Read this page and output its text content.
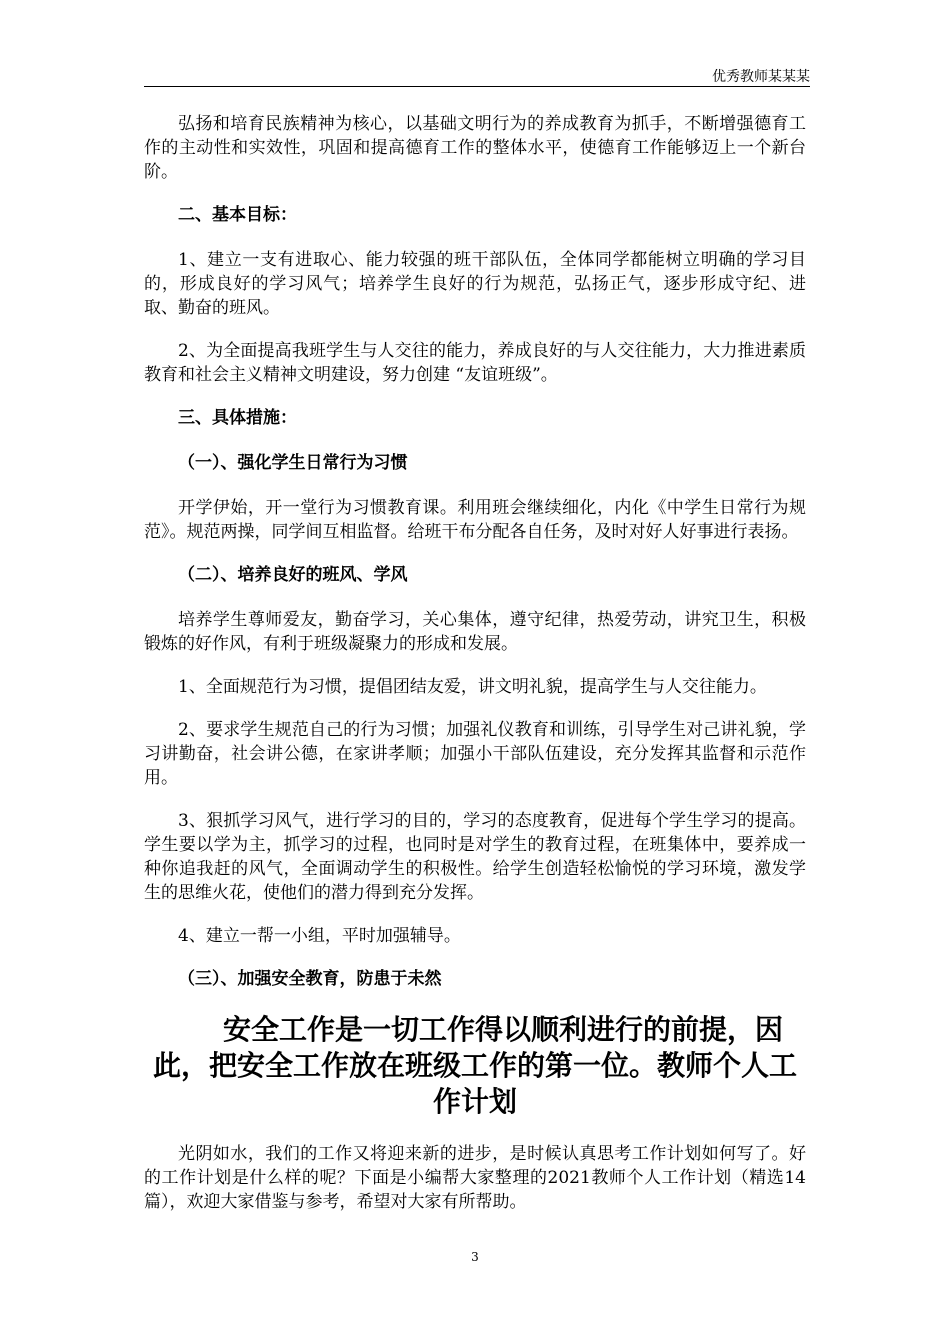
优秀教师某某某

弘扬和培育民族精神为核心，以基础文明行为的养成教育为抓手，不断增强德育工作的主动性和实效性，巩固和提高德育工作的整体水平，使德育工作能够迈上一个新台阶。

二、基本目标：

1、建立一支有进取心、能力较强的班干部队伍，全体同学都能树立明确的学习目的，形成良好的学习风气；培养学生良好的行为规范，弘扬正气，逐步形成守纪、进取、勤奋的班风。

2、为全面提高我班学生与人交往的能力，养成良好的与人交往能力，大力推进素质教育和社会主义精神文明建设，努力创建 “友谊班级”。

三、具体措施：

（一）、强化学生日常行为习惯

开学伊始，开一堂行为习惯教育课。利用班会继续细化，内化《中学生日常行为规范》。规范两操，同学间互相监督。给班干布分配各自任务，及时对好人好事进行表扬。

（二）、培养良好的班风、学风

培养学生尊师爱友，勤奋学习，关心集体，遵守纪律，热爱劳动，讲究卫生，积极锻炼的好作风，有利于班级凝聚力的形成和发展。

1、全面规范行为习惯，提倡团结友爱，讲文明礼貌，提高学生与人交往能力。

2、要求学生规范自己的行为习惯；加强礼仪教育和训练，引导学生对己讲礼貌，学习讲勤奋，社会讲公德，在家讲孝顺；加强小干部队伍建设，充分发挥其监督和示范作用。

3、狠抓学习风气，进行学习的目的，学习的态度教育，促进每个学生学习的提高。学生要以学为主，抓学习的过程，也同时是对学生的教育过程，在班集体中，要养成一种你追我赶的风气，全面调动学生的积极性。给学生创造轻松愉悦的学习环境，激发学生的思维火花，使他们的潜力得到充分发挥。

4、建立一帮一小组，平时加强辅导。

（三）、加强安全教育，防患于未然

安全工作是一切工作得以顺利进行的前提，因此，把安全工作放在班级工作的第一位。教师个人工作计划

光阴如水，我们的工作又将迎来新的进步，是时候认真思考工作计划如何写了。好的工作计划是什么样的呢？下面是小编帮大家整理的2021教师个人工作计划（精选14篇），欢迎大家借鉴与参考，希望对大家有所帮助。

3
